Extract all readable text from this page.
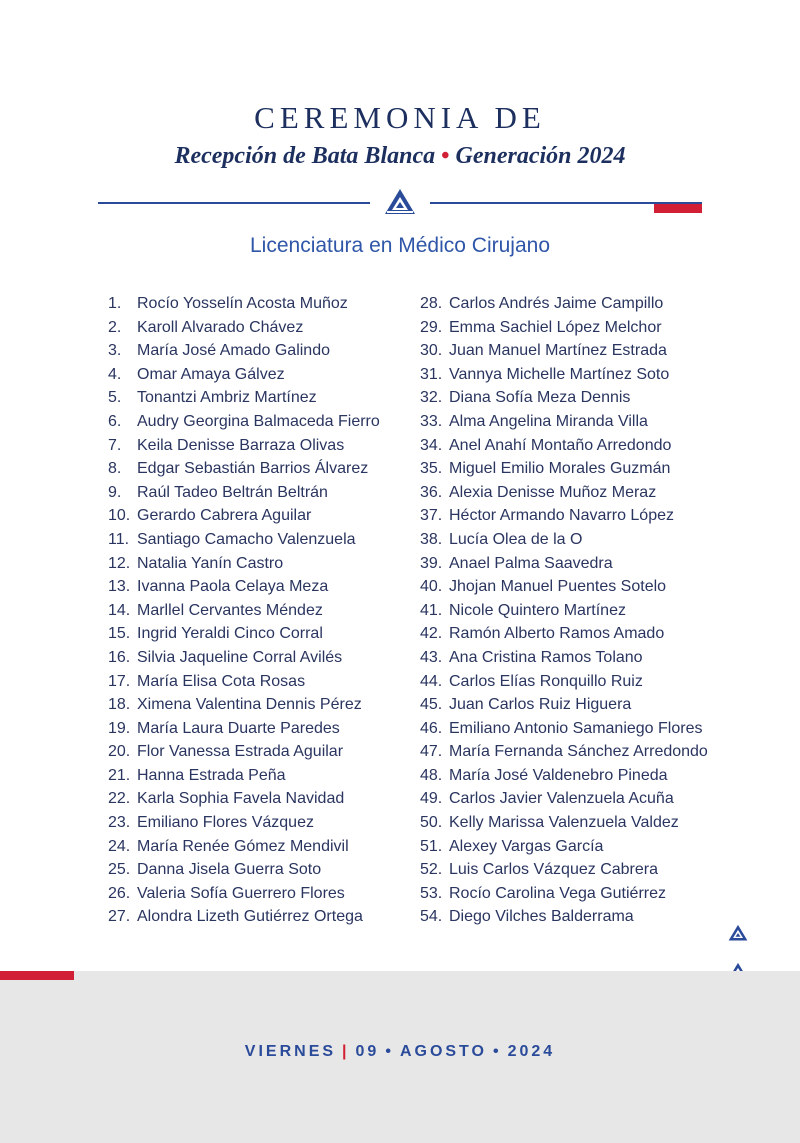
CEREMONIA DE
Recepción de Bata Blanca • Generación 2024
Licenciatura en Médico Cirujano
1. Rocío Yosselín Acosta Muñoz
2. Karoll Alvarado Chávez
3. María José Amado Galindo
4. Omar Amaya Gálvez
5. Tonantzi Ambriz Martínez
6. Audry Georgina Balmaceda Fierro
7. Keila Denisse Barraza Olivas
8. Edgar Sebastián Barrios Álvarez
9. Raúl Tadeo Beltrán Beltrán
10. Gerardo Cabrera Aguilar
11. Santiago Camacho Valenzuela
12. Natalia Yanín Castro
13. Ivanna Paola Celaya Meza
14. Marllel Cervantes Méndez
15. Ingrid Yeraldi Cinco Corral
16. Silvia Jaqueline Corral Avilés
17. María Elisa Cota Rosas
18. Ximena Valentina Dennis Pérez
19. María Laura Duarte Paredes
20. Flor Vanessa Estrada Aguilar
21. Hanna Estrada Peña
22. Karla Sophia Favela Navidad
23. Emiliano Flores Vázquez
24. María Renée Gómez Mendivil
25. Danna Jisela Guerra Soto
26. Valeria Sofía Guerrero Flores
27. Alondra Lizeth Gutiérrez Ortega
28. Carlos Andrés Jaime Campillo
29. Emma Sachiel López Melchor
30. Juan Manuel Martínez Estrada
31. Vannya Michelle Martínez Soto
32. Diana Sofía Meza Dennis
33. Alma Angelina Miranda Villa
34. Anel Anahí Montaño Arredondo
35. Miguel Emilio Morales Guzmán
36. Alexia Denisse Muñoz Meraz
37. Héctor Armando Navarro López
38. Lucía Olea de la O
39. Anael Palma Saavedra
40. Jhojan Manuel Puentes Sotelo
41. Nicole Quintero Martínez
42. Ramón Alberto Ramos Amado
43. Ana Cristina Ramos Tolano
44. Carlos Elías Ronquillo Ruiz
45. Juan Carlos Ruiz Higuera
46. Emiliano Antonio Samaniego Flores
47. María Fernanda Sánchez Arredondo
48. María José Valdenebro Pineda
49. Carlos Javier Valenzuela Acuña
50. Kelly Marissa Valenzuela Valdez
51. Alexey Vargas García
52. Luis Carlos Vázquez Cabrera
53. Rocío Carolina Vega Gutiérrez
54. Diego Vilches Balderrama
VIERNES | 09 • AGOSTO • 2024
